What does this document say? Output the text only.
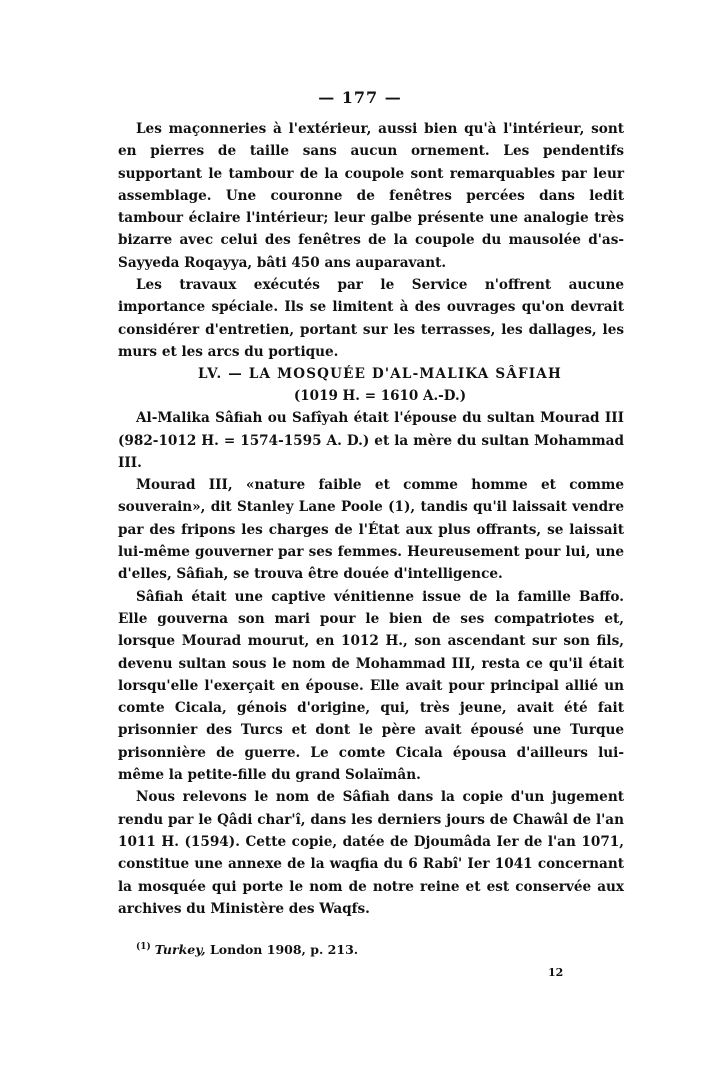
— 177 —

Les maçonneries à l'extérieur, aussi bien qu'à l'intérieur, sont en pierres de taille sans aucun ornement. Les pendentifs supportant le tambour de la coupole sont remarquables par leur assemblage. Une couronne de fenêtres percées dans ledit tambour éclaire l'intérieur; leur galbe présente une analogie très bizarre avec celui des fenêtres de la coupole du mausolée d'as-Sayyeda Roqayya, bâti 450 ans auparavant.

Les travaux exécutés par le Service n'offrent aucune importance spéciale. Ils se limitent à des ouvrages qu'on devrait considérer d'entretien, portant sur les terrasses, les dallages, les murs et les arcs du portique.

LV. — LA MOSQUÉE D'AL-MALIKA SÂFIAH

(1019 H. = 1610 A.-D.)

Al-Malika Sâfiah ou Safîyah était l'épouse du sultan Mourad III (982-1012 H. = 1574-1595 A. D.) et la mère du sultan Mohammad III.

Mourad III, «nature faible et comme homme et comme souverain», dit Stanley Lane Poole (1), tandis qu'il laissait vendre par des fripons les charges de l'État aux plus offrants, se laissait lui-même gouverner par ses femmes. Heureusement pour lui, une d'elles, Sâfiah, se trouva être douée d'intelligence.

Sâfiah était une captive vénitienne issue de la famille Baffo. Elle gouverna son mari pour le bien de ses compatriotes et, lorsque Mourad mourut, en 1012 H., son ascendant sur son fils, devenu sultan sous le nom de Mohammad III, resta ce qu'il était lorsqu'elle l'exerçait en épouse. Elle avait pour principal allié un comte Cicala, génois d'origine, qui, très jeune, avait été fait prisonnier des Turcs et dont le père avait épousé une Turque prisonnière de guerre. Le comte Cicala épousa d'ailleurs lui-même la petite-fille du grand Solaïmân.

Nous relevons le nom de Sâfiah dans la copie d'un jugement rendu par le Qâdi char'î, dans les derniers jours de Chawâl de l'an 1011 H. (1594). Cette copie, datée de Djoumâda Ier de l'an 1071, constitue une annexe de la waqfia du 6 Rabî' Ier 1041 concernant la mosquée qui porte le nom de notre reine et est conservée aux archives du Ministère des Waqfs.

$^{(1)}$ Turkey, London 1908, p. 213.
12
